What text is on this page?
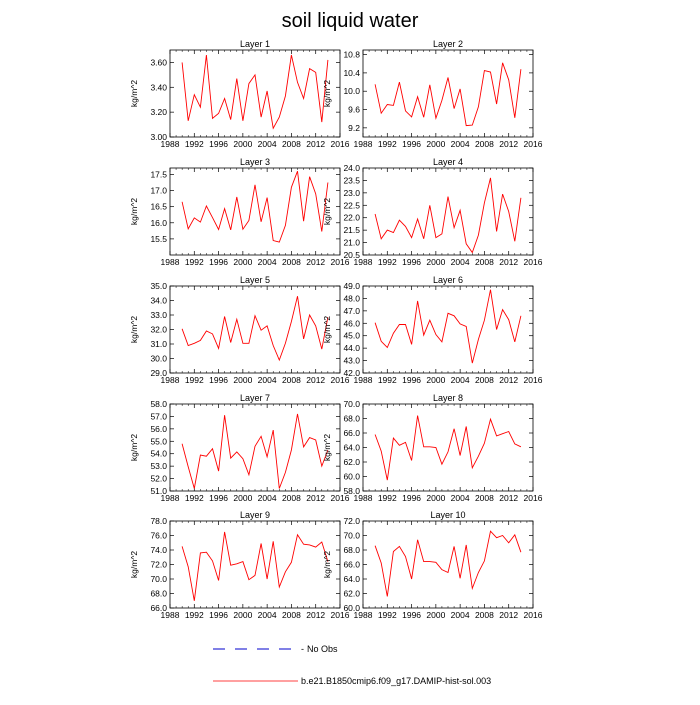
soil liquid water
Layer 1
1988 1992 1996 2000 2004 2008 2012 2016
3.00
3.20
3.40
3.60
kg/m^2
Layer 2
1988 1992 1996 2000 2004 2008 2012 2016
9.2
9.6
10.0
10.4
10.8
kg/m^2
Layer 3
1988 1992 1996 2000 2004 2008 2012 2016
15.5
16.0
16.5
17.0
17.5
kg/m^2
Layer 4
1988 1992 1996 2000 2004 2008 2012 2016
20.5
21.0
21.5
22.0
22.5
23.0
23.5
24.0
kg/m^2
Layer 5
1988 1992 1996 2000 2004 2008 2012 2016
29.0
30.0
31.0
32.0
33.0
34.0
35.0
kg/m^2
Layer 6
1988 1992 1996 2000 2004 2008 2012 2016
42.0
43.0
44.0
45.0
46.0
47.0
48.0
49.0
kg/m^2
Layer 7
1988 1992 1996 2000 2004 2008 2012 2016
51.0
52.0
53.0
54.0
55.0
56.0
57.0
58.0
kg/m^2
Layer 8
1988 1992 1996 2000 2004 2008 2012 2016
58.0
60.0
62.0
64.0
66.0
68.0
70.0
kg/m^2
Layer 9
1988 1992 1996 2000 2004 2008 2012 2016
66.0
68.0
70.0
72.0
74.0
76.0
78.0
kg/m^2
Layer 10
1988 1992 1996 2000 2004 2008 2012 2016
60.0
62.0
64.0
66.0
68.0
70.0
72.0
kg/m^2
- No Obs
b.e21.B1850cmip6.f09_g17.DAMIP-hist-sol.003
